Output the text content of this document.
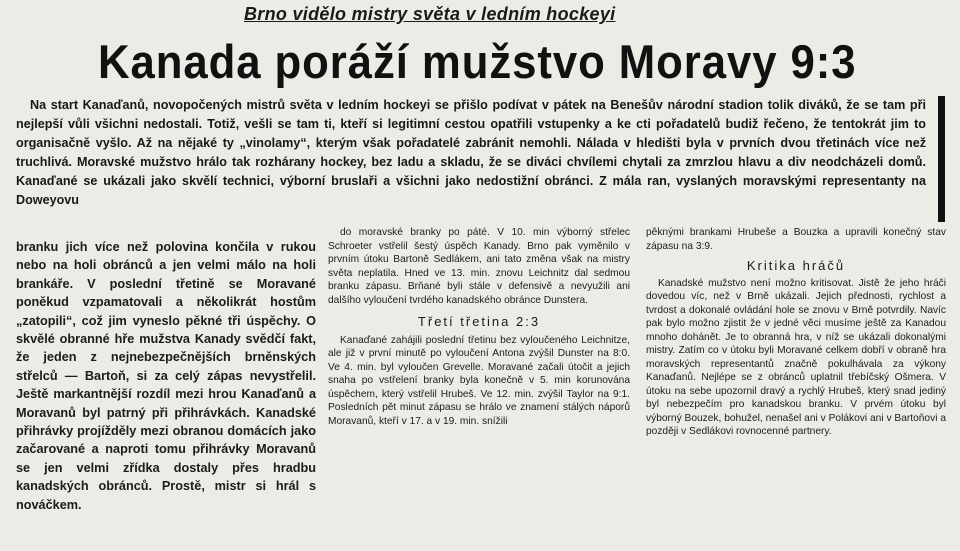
Brno vidělo mistry světa v ledním hockeyi
Kanada poráží mužstvo Moravy 9:3

Na start Kanaďanů, novopočených mistrů světa v ledním hockeyi se přišlo podívat v pátek na Benešův národní stadion tolik diváků, že se tam při nejlepší vůli všichni nedostali. Totiž, vešli se tam ti, kteří si legitimní cestou opatřili vstupenky a ke cti pořadatelů budiž řečeno, že tentokrát jim to organisačně vyšlo. Až na nějaké ty „vinolamy“, kterým však pořadatelé zabránit nemohli. Nálada v hledišti byla v prvních dvou třetinách více než truchlivá. Moravské mužstvo hrálo tak rozhárany hockey, bez ladu a skladu, že se diváci chvílemi chytali za zmrzlou hlavu a div neodcházeli domů. Kanaďané se ukázali jako skvělí technici, výborní bruslaři a všichni jako nedostižní obránci. Z mála ran, vyslaných moravskými representanty na Doweyovu

branku jich více než polovina končila v rukou nebo na holi obránců a jen velmi málo na holi brankáře. V poslední třetině se Moravané poněkud vzpamatovali a několikrát hostům „zatopili“, což jim vyneslo pěkné tři úspěchy. O skvělé obranné hře mužstva Kanady svědčí fakt, že jeden z nejnebezpečnějších brněnských střelců — Bartoň, si za celý zápas nevystřelil. Ještě markantnější rozdíl mezi hrou Kanaďanů a Moravanů byl patrný při přihrávkách. Kanadské přihrávky projížděly mezi obranou domácích jako začarované a naproti tomu přihrávky Moravanů se jen velmi zřídka dostaly přes hradbu kanadských obránců. Prostě, mistr si hrál s nováčkem.

do moravské branky po páté. V 10. min výborný střelec Schroeter vstřelil šestý úspěch Kanady. Brno pak vyměnilo v prvním útoku Bartoně Sedlákem, ani tato změna však na mistry světa neplatila. Hned ve 13. min. znovu Leichnitz dal sedmou branku zápasu. Brňané byli stále v defensivě a nevyužili ani dalšího vyloučení tvrdého kanadského obránce Dunstera.

Třetí třetina 2:3

Kanaďané zahájili poslední třetinu bez vyloučeného Leichnitze, ale již v první minutě po vyloučení Antona zvýšil Dunster na 8:0. Ve 4. min. byl vyloučen Grevelle. Moravané začali útočit a jejich snaha po vstřelení branky byla konečně v 5. min korunována úspěchem, který vstřelil Hrubeš. Ve 12. min. zvýšil Taylor na 9:1. Posledních pět minut zápasu se hrálo ve znamení stálých náporů Moravanů, kteří v 17. a v 19. min. snížili

pěknými brankami Hrubeše a Bouzka a upravili konečný stav zápasu na 3:9.

Kritika hráčů

Kanadské mužstvo není možno kritisovat. Jistě že jeho hráči dovedou víc, než v Brně ukázali. Jejich přednosti, rychlost a tvrdost a dokonalé ovládání hole se znovu v Brně potvrdily. Navíc pak bylo možno zjistit že v jedné věci musíme ještě za Kanadou mnoho dohánět. Je to obranná hra, v níž se ukázali dokonalými mistry. Zatím co v útoku byli Moravané celkem dobří v obraně hra moravských representantů značně pokulhávala za výkony Kanaďanů. Nejlépe se z obránců uplatnil třebíčský Ošmera. V útoku na sebe upozornil dravý a rychlý Hrubeš, který snad jediný byl nebezpečím pro kanadskou branku. V prvém útoku byl výborný Bouzek, bohužel, nenašel ani v Polákovi ani v Bartoňovi a později v Sedlákovi rovnocenné partnery.
